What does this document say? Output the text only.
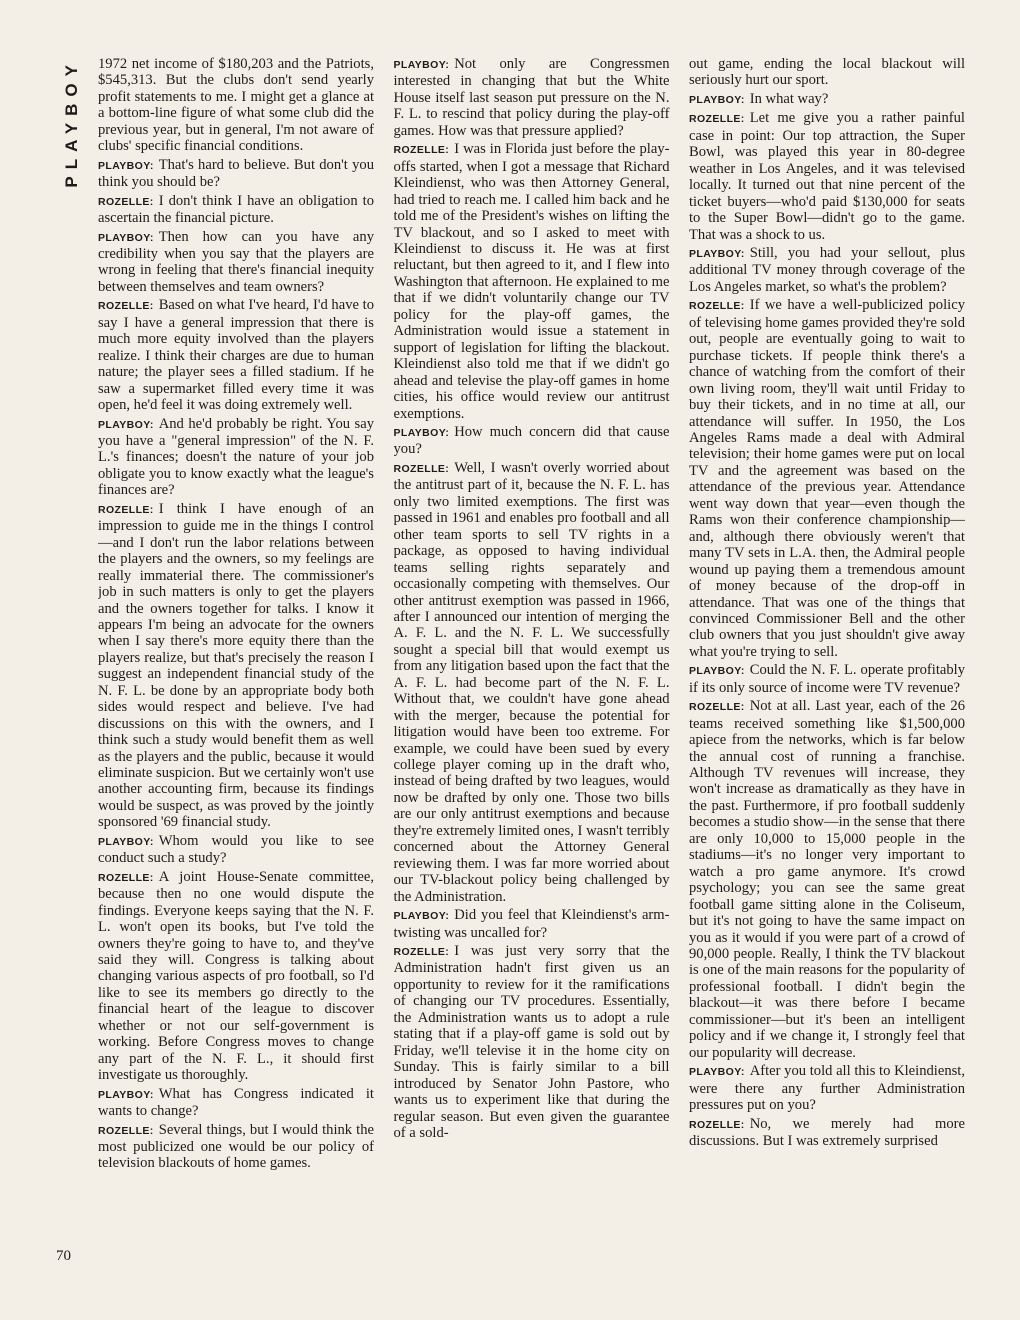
PLAYBOY 1972 net income of $180,203 and the Patriots, $545,313. But the clubs don't send yearly profit statements to me. I might get a glance at a bottom-line figure of what some club did the previous year, but in general, I'm not aware of clubs' specific financial conditions.

PLAYBOY: That's hard to believe. But don't you think you should be?

ROZELLE: I don't think I have an obligation to ascertain the financial picture.

PLAYBOY: Then how can you have any credibility when you say that the players are wrong in feeling that there's financial inequity between themselves and team owners?

ROZELLE: Based on what I've heard, I'd have to say I have a general impression that there is much more equity involved than the players realize. I think their charges are due to human nature; the player sees a filled stadium. If he saw a supermarket filled every time it was open, he'd feel it was doing extremely well.

PLAYBOY: And he'd probably be right. You say you have a "general impression" of the N. F. L.'s finances; doesn't the nature of your job obligate you to know exactly what the league's finances are?

ROZELLE: I think I have enough of an impression to guide me in the things I control—and I don't run the labor relations between the players and the owners, so my feelings are really immaterial there. The commissioner's job in such matters is only to get the players and the owners together for talks. I know it appears I'm being an advocate for the owners when I say there's more equity there than the players realize, but that's precisely the reason I suggest an independent financial study of the N. F. L. be done by an appropriate body both sides would respect and believe. I've had discussions on this with the owners, and I think such a study would benefit them as well as the players and the public, because it would eliminate suspicion. But we certainly won't use another accounting firm, because its findings would be suspect, as was proved by the jointly sponsored '69 financial study.

PLAYBOY: Whom would you like to see conduct such a study?

ROZELLE: A joint House-Senate committee, because then no one would dispute the findings. Everyone keeps saying that the N. F. L. won't open its books, but I've told the owners they're going to have to, and they've said they will. Congress is talking about changing various aspects of pro football, so I'd like to see its members go directly to the financial heart of the league to discover whether or not our self-government is working. Before Congress moves to change any part of the N. F. L., it should first investigate us thoroughly.

PLAYBOY: What has Congress indicated it wants to change?

ROZELLE: Several things, but I would think the most publicized one would be our policy of television blackouts of home games.

PLAYBOY: Not only are Congressmen interested in changing that but the White House itself last season put pressure on the N. F. L. to rescind that policy during the play-off games. How was that pressure applied?

ROZELLE: I was in Florida just before the play-offs started, when I got a message that Richard Kleindienst, who was then Attorney General, had tried to reach me. I called him back and he told me of the President's wishes on lifting the TV blackout, and so I asked to meet with Kleindienst to discuss it. He was at first reluctant, but then agreed to it, and I flew into Washington that afternoon. He explained to me that if we didn't voluntarily change our TV policy for the play-off games, the Administration would issue a statement in support of legislation for lifting the blackout. Kleindienst also told me that if we didn't go ahead and televise the play-off games in home cities, his office would review our antitrust exemptions.

PLAYBOY: How much concern did that cause you?

ROZELLE: Well, I wasn't overly worried about the antitrust part of it, because the N. F. L. has only two limited exemptions. The first was passed in 1961 and enables pro football and all other team sports to sell TV rights in a package, as opposed to having individual teams selling rights separately and occasionally competing with themselves. Our other antitrust exemption was passed in 1966, after I announced our intention of merging the A. F. L. and the N. F. L. We successfully sought a special bill that would exempt us from any litigation based upon the fact that the A. F. L. had become part of the N. F. L. Without that, we couldn't have gone ahead with the merger, because the potential for litigation would have been too extreme. For example, we could have been sued by every college player coming up in the draft who, instead of being drafted by two leagues, would now be drafted by only one. Those two bills are our only antitrust exemptions and because they're extremely limited ones, I wasn't terribly concerned about the Attorney General reviewing them. I was far more worried about our TV-blackout policy being challenged by the Administration.

PLAYBOY: Did you feel that Kleindienst's arm-twisting was uncalled for?

ROZELLE: I was just very sorry that the Administration hadn't first given us an opportunity to review for it the ramifications of changing our TV procedures. Essentially, the Administration wants us to adopt a rule stating that if a play-off game is sold out by Friday, we'll televise it in the home city on Sunday. This is fairly similar to a bill introduced by Senator John Pastore, who wants us to experiment like that during the regular season. But even given the guarantee of a sold-

out game, ending the local blackout will seriously hurt our sport.

PLAYBOY: In what way?

ROZELLE: Let me give you a rather painful case in point: Our top attraction, the Super Bowl, was played this year in 80-degree weather in Los Angeles, and it was televised locally. It turned out that nine percent of the ticket buyers—who'd paid $130,000 for seats to the Super Bowl—didn't go to the game. That was a shock to us.

PLAYBOY: Still, you had your sellout, plus additional TV money through coverage of the Los Angeles market, so what's the problem?

ROZELLE: If we have a well-publicized policy of televising home games provided they're sold out, people are eventually going to wait to purchase tickets. If people think there's a chance of watching from the comfort of their own living room, they'll wait until Friday to buy their tickets, and in no time at all, our attendance will suffer. In 1950, the Los Angeles Rams made a deal with Admiral television; their home games were put on local TV and the agreement was based on the attendance of the previous year. Attendance went way down that year—even though the Rams won their conference championship—and, although there obviously weren't that many TV sets in L.A. then, the Admiral people wound up paying them a tremendous amount of money because of the drop-off in attendance. That was one of the things that convinced Commissioner Bell and the other club owners that you just shouldn't give away what you're trying to sell.

PLAYBOY: Could the N. F. L. operate profitably if its only source of income were TV revenue?

ROZELLE: Not at all. Last year, each of the 26 teams received something like $1,500,000 apiece from the networks, which is far below the annual cost of running a franchise. Although TV revenues will increase, they won't increase as dramatically as they have in the past. Furthermore, if pro football suddenly becomes a studio show—in the sense that there are only 10,000 to 15,000 people in the stadiums—it's no longer very important to watch a pro game anymore. It's crowd psychology; you can see the same great football game sitting alone in the Coliseum, but it's not going to have the same impact on you as it would if you were part of a crowd of 90,000 people. Really, I think the TV blackout is one of the main reasons for the popularity of professional football. I didn't begin the blackout—it was there before I became commissioner—but it's been an intelligent policy and if we change it, I strongly feel that our popularity will decrease.

PLAYBOY: After you told all this to Kleindienst, were there any further Administration pressures put on you?

ROZELLE: No, we merely had more discussions. But I was extremely surprised

70
